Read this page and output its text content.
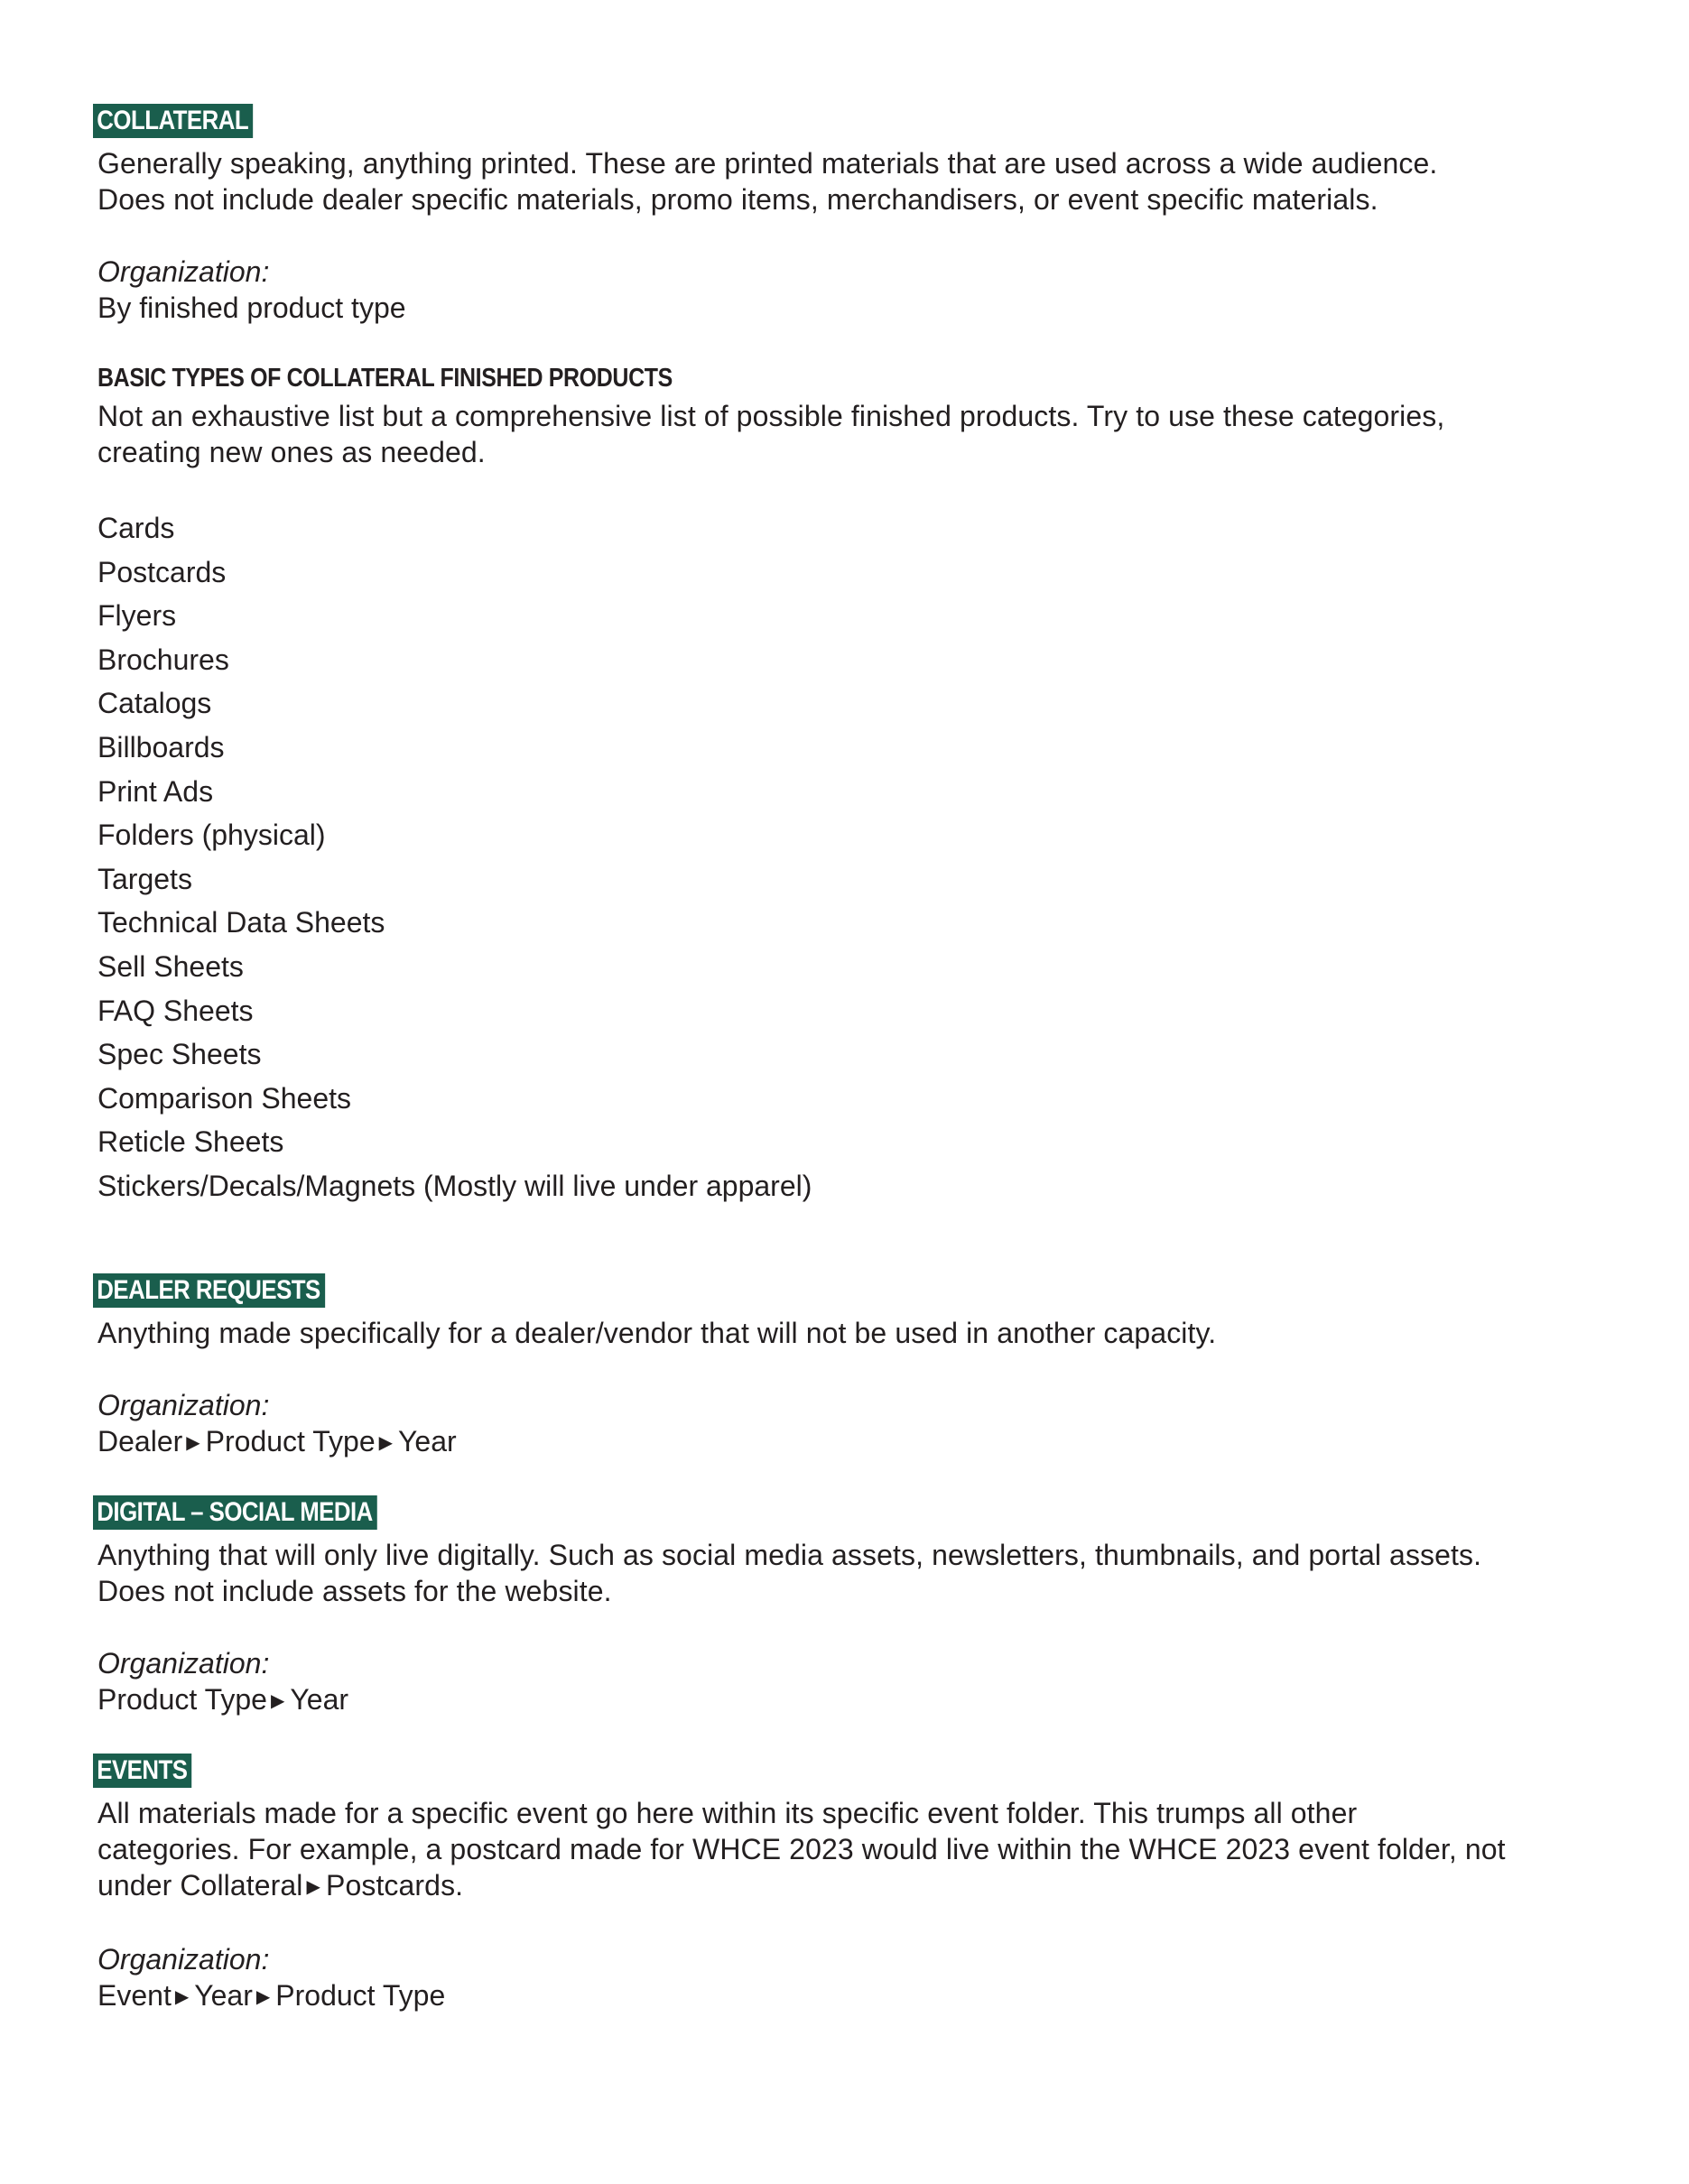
COLLATERAL

Generally speaking, anything printed. These are printed materials that are used across a wide audience. Does not include dealer specific materials, promo items, merchandisers, or event specific materials.

Organization:

By finished product type

BASIC TYPES OF COLLATERAL FINISHED PRODUCTS

Not an exhaustive list but a comprehensive list of possible finished products. Try to use these categories, creating new ones as needed.

Cards
Postcards
Flyers
Brochures
Catalogs
Billboards
Print Ads
Folders (physical)
Targets
Technical Data Sheets
Sell Sheets
FAQ Sheets
Spec Sheets
Comparison Sheets
Reticle Sheets
Stickers/Decals/Magnets (Mostly will live under apparel)
DEALER REQUESTS

Anything made specifically for a dealer/vendor that will not be used in another capacity.

Organization:

Dealer ▶ Product Type ▶ Year

DIGITAL – SOCIAL MEDIA

Anything that will only live digitally. Such as social media assets, newsletters, thumbnails, and portal assets. Does not include assets for the website.

Organization:

Product Type ▶ Year

EVENTS

All materials made for a specific event go here within its specific event folder. This trumps all other categories. For example, a postcard made for WHCE 2023 would live within the WHCE 2023 event folder, not under Collateral ▶ Postcards.

Organization:

Event ▶ Year ▶ Product Type
